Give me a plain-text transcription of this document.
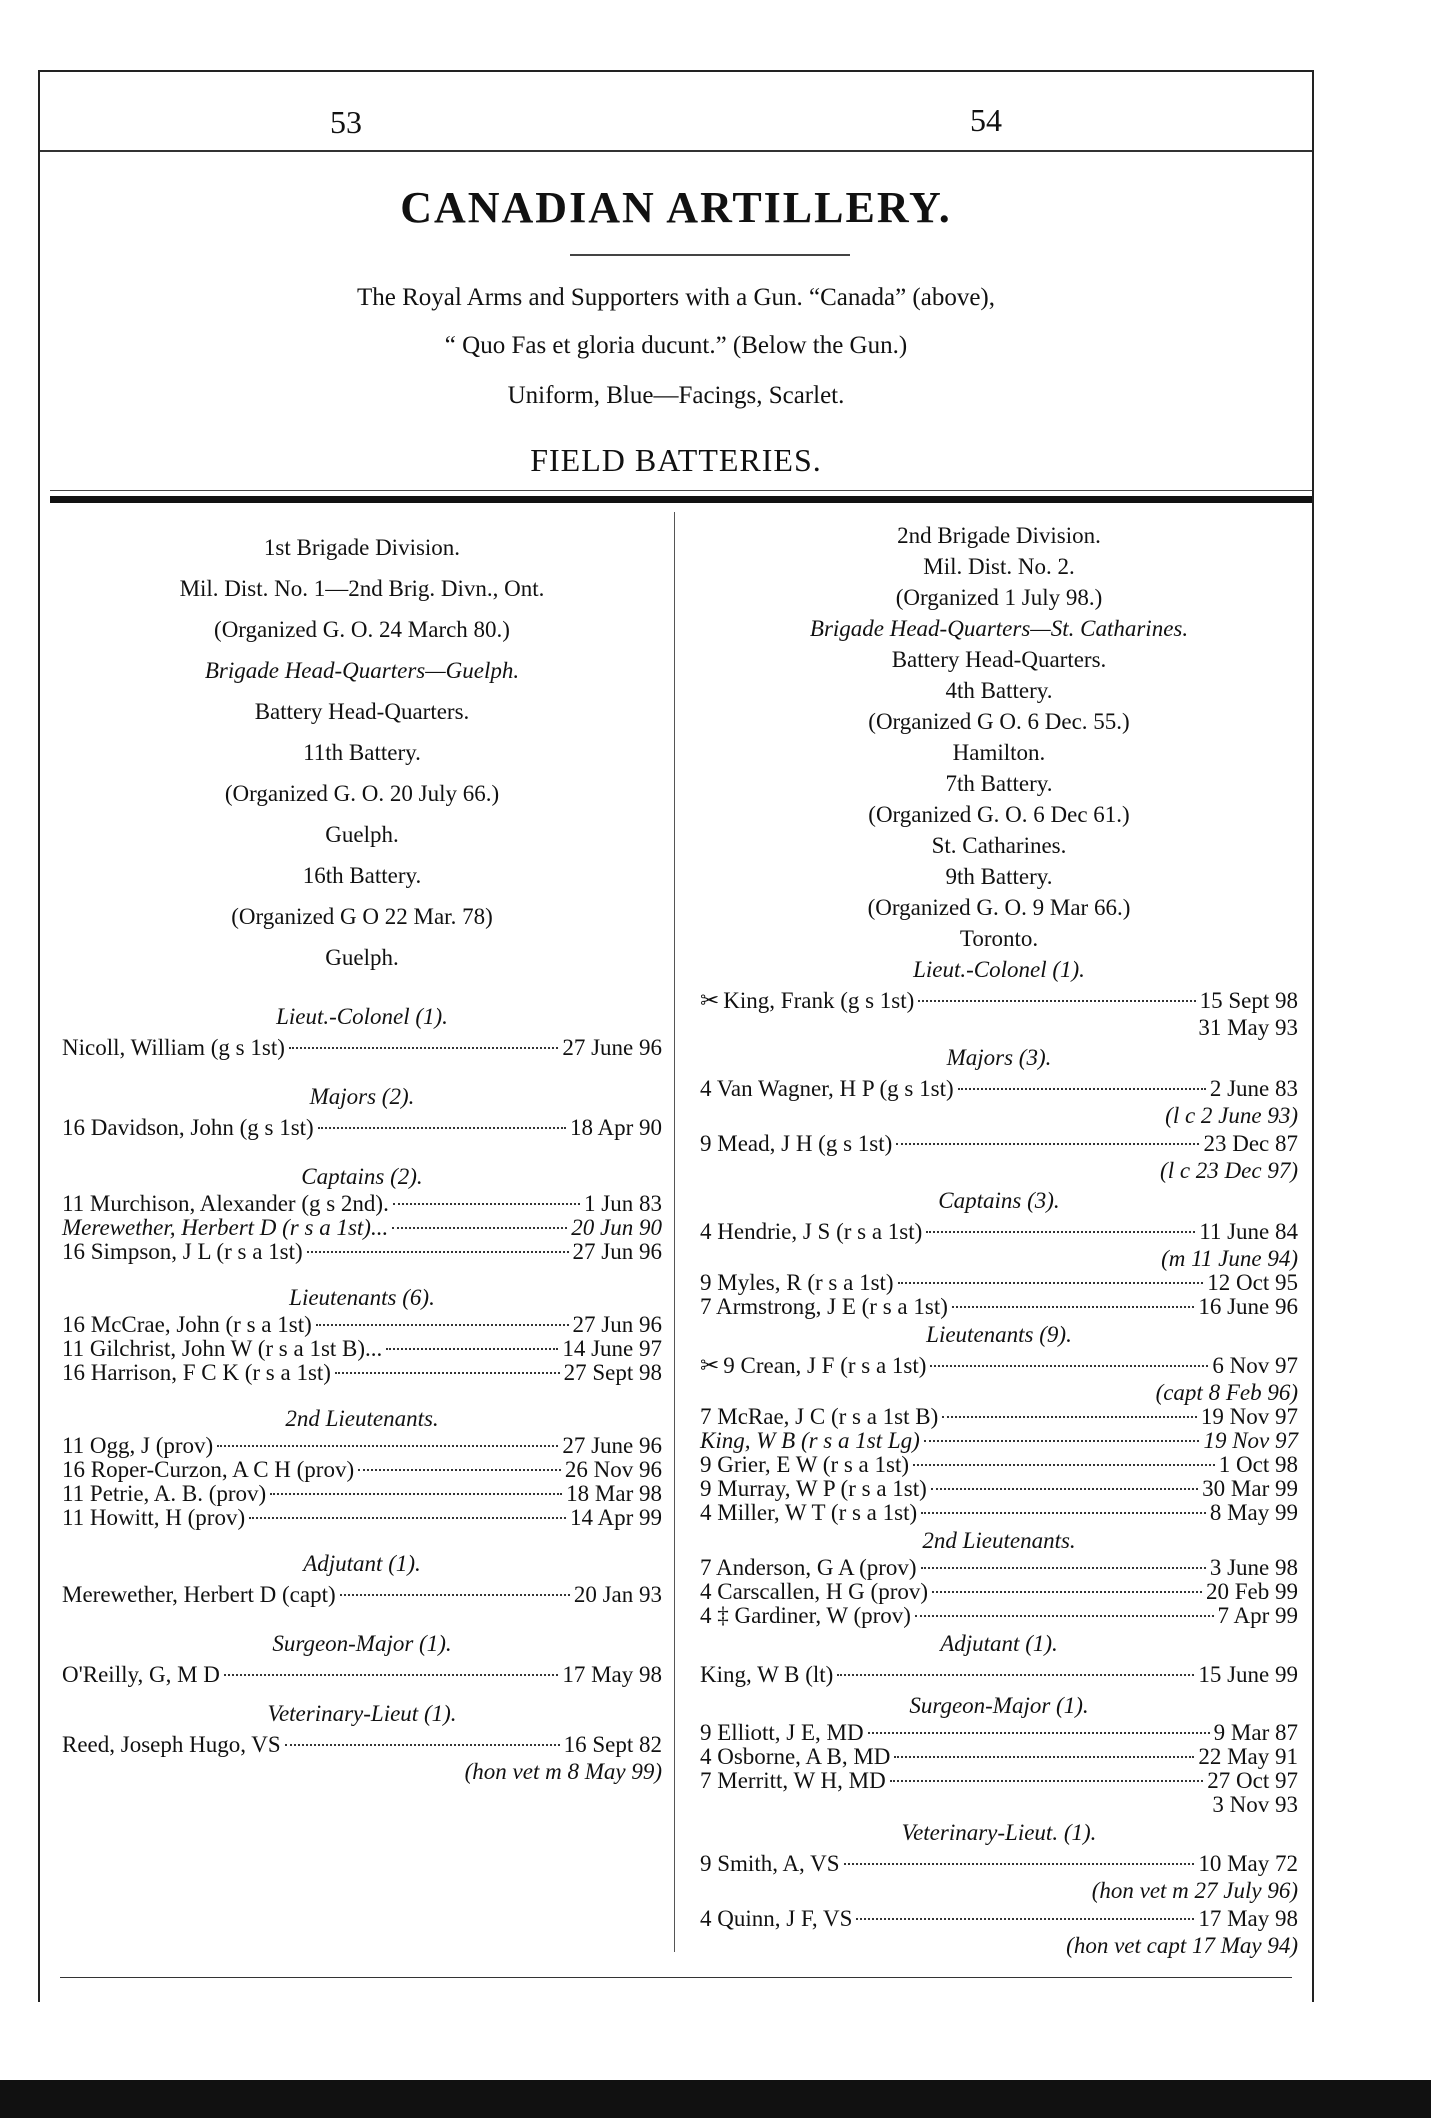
53	54
CANADIAN ARTILLERY.
The Royal Arms and Supporters with a Gun. “Canada” (above),
“ Quo Fas et gloria ducunt.” (Below the Gun.)
Uniform, Blue—Facings, Scarlet.
FIELD BATTERIES.
1st Brigade Division.
Mil. Dist. No. 1—2nd Brig. Divn., Ont.
(Organized G. O. 24 March 80.)
Brigade Head-Quarters—Guelph.
Battery Head-Quarters.
11th Battery.
(Organized G. O. 20 July 66.)
Guelph.
16th Battery.
(Organized G O 22 Mar. 78)
Guelph.
Lieut.-Colonel (1).
Nicoll, William (g s 1st)	27 June 96
Majors (2).
16 Davidson, John (g s 1st)	18 Apr 90
Captains (2).
11 Murchison, Alexander (g s 2nd).	1 Jun 83
Merewether, Herbert D (r s a 1st)...	20 Jun 90
16 Simpson, J L (r s a 1st)	27 Jun 96
Lieutenants (6).
16 McCrae, John (r s a 1st)	27 Jun 96
11 Gilchrist, John W (r s a 1st B)...	14 June 97
16 Harrison, F C K (r s a 1st)	27 Sept 98
2nd Lieutenants.
11 Ogg, J (prov)	27 June 96
16 Roper-Curzon, A C H (prov)	26 Nov 96
11 Petrie, A. B. (prov)	18 Mar 98
11 Howitt, H (prov)	14 Apr 99
Adjutant (1).
Merewether, Herbert D (capt)	20 Jan 93
Surgeon-Major (1).
O'Reilly, G, M D	17 May 98
Veterinary-Lieut (1).
Reed, Joseph Hugo, VS	16 Sept 82
(hon vet m 8 May 99)
2nd Brigade Division.
Mil. Dist. No. 2.
(Organized 1 July 98.)
Brigade Head-Quarters—St. Catharines.
Battery Head-Quarters.
4th Battery.
(Organized G O. 6 Dec. 55.)
Hamilton.
7th Battery.
(Organized G. O. 6 Dec 61.)
St. Catharines.
9th Battery.
(Organized G. O. 9 Mar 66.)
Toronto.
Lieut.-Colonel (1).
✂ King, Frank (g s 1st)	15 Sept 98
31 May 93
Majors (3).
4 Van Wagner, H P (g s 1st)	2 June 83
(l c 2 June 93)
9 Mead, J H (g s 1st)	23 Dec 87
(l c 23 Dec 97)
Captains (3).
4 Hendrie, J S (r s a 1st)	11 June 84
(m 11 June 94)
9 Myles, R (r s a 1st)	12 Oct 95
7 Armstrong, J E (r s a 1st)	16 June 96
Lieutenants (9).
✂ 9 Crean, J F (r s a 1st)	6 Nov 97
(capt 8 Feb 96)
7 McRae, J C (r s a 1st B)	19 Nov 97
King, W B (r s a 1st Lg)	19 Nov 97
9 Grier, E W (r s a 1st)	1 Oct 98
9 Murray, W P (r s a 1st)	30 Mar 99
4 Miller, W T (r s a 1st)	8 May 99
2nd Lieutenants.
7 Anderson, G A (prov)	3 June 98
4 Carscallen, H G (prov)	20 Feb 99
4 ‡ Gardiner, W (prov)	7 Apr 99
Adjutant (1).
King, W B (lt)	15 June 99
Surgeon-Major (1).
9 Elliott, J E, MD	9 Mar 87
4 Osborne, A B, MD	22 May 91
7 Merritt, W H, MD	27 Oct 97
3 Nov 93
Veterinary-Lieut. (1).
9 Smith, A, VS	10 May 72
(hon vet m 27 July 96)
4 Quinn, J F, VS	17 May 98
(hon vet capt 17 May 94)
